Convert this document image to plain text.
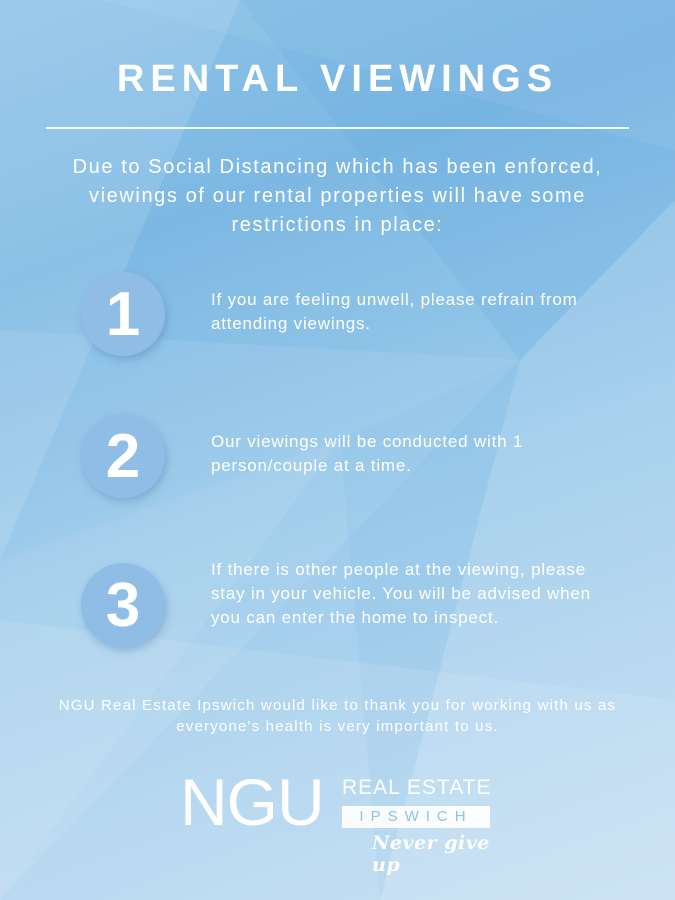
RENTAL VIEWINGS
Due to Social Distancing which has been enforced, viewings of our rental properties will have some restrictions in place:
1	If you are feeling unwell, please refrain from attending viewings.
2	Our viewings will be conducted with 1 person/couple at a time.
3
If there is other people at the viewing, please stay in your vehicle. You will be advised when you can enter the home to inspect.
NGU Real Estate Ipswich would like to thank you for working with us as everyone's health is very important to us.
NGU REAL ESTATE
IPSWICH
Never give up
